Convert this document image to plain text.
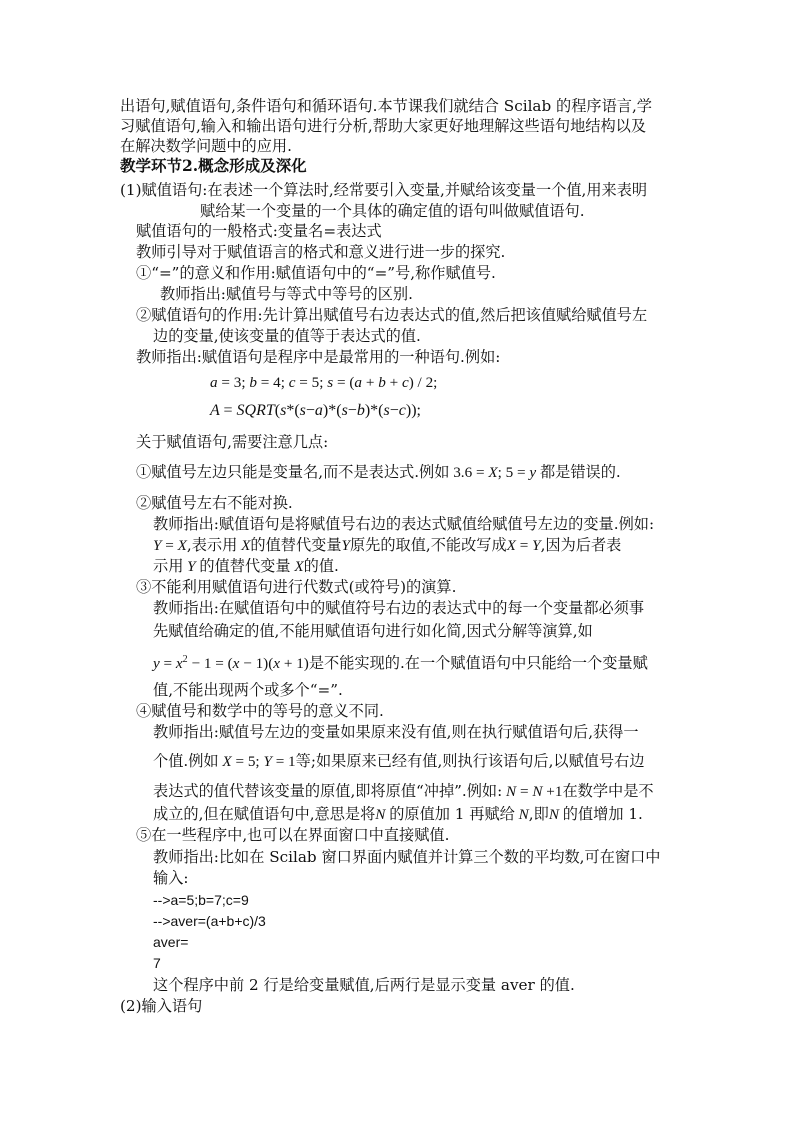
出语句,赋值语句,条件语句和循环语句.本节课我们就结合 Scilab 的程序语言,学
习赋值语句,输入和输出语句进行分析,帮助大家更好地理解这些语句地结构以及
在解决数学问题中的应用.
教学环节2.概念形成及深化
(1)赋值语句:在表述一个算法时,经常要引入变量,并赋给该变量一个值,用来表明
赋给某一个变量的一个具体的确定值的语句叫做赋值语句.
赋值语句的一般格式:变量名=表达式
教师引导对于赋值语言的格式和意义进行进一步的探究.
①“=”的意义和作用:赋值语句中的“=”号,称作赋值号.
教师指出:赋值号与等式中等号的区别.
②赋值语句的作用:先计算出赋值号右边表达式的值,然后把该值赋给赋值号左
边的变量,使该变量的值等于表达式的值.
教师指出:赋值语句是程序中是最常用的一种语句.例如:
a = 3; b = 4; c = 5; s = (a + b + c) / 2;
A = SQRT(s*(s−a)*(s−b)*(s−c));
关于赋值语句,需要注意几点:
①赋值号左边只能是变量名,而不是表达式.例如 3.6 = X; 5 = y 都是错误的.
②赋值号左右不能对换.
教师指出:赋值语句是将赋值号右边的表达式赋值给赋值号左边的变量.例如:
Y = X,表示用 X的值替代变量Y原先的取值,不能改写成X = Y,因为后者表
示用 Y 的值替代变量 X的值.
③不能利用赋值语句进行代数式(或符号)的演算.
教师指出:在赋值语句中的赋值符号右边的表达式中的每一个变量都必须事
先赋值给确定的值,不能用赋值语句进行如化简,因式分解等演算,如
$y = x^2 - 1 = (x - 1)(x + 1)$是不能实现的.在一个赋值语句中只能给一个变量赋
值,不能出现两个或多个“=”.
④赋值号和数学中的等号的意义不同.
教师指出:赋值号左边的变量如果原来没有值,则在执行赋值语句后,获得一
个值.例如 X = 5; Y = 1等;如果原来已经有值,则执行该语句后,以赋值号右边
表达式的值代替该变量的原值,即将原值“冲掉”.例如: N = N +1在数学中是不
成立的,但在赋值语句中,意思是将N 的原值加 1 再赋给 N,即N 的值增加 1.
⑤在一些程序中,也可以在界面窗口中直接赋值.
教师指出:比如在 Scilab 窗口界面内赋值并计算三个数的平均数,可在窗口中
输入:
-->a=5;b=7;c=9
-->aver=(a+b+c)/3
aver=
7
这个程序中前 2 行是给变量赋值,后两行是显示变量 aver 的值.
(2)输入语句
